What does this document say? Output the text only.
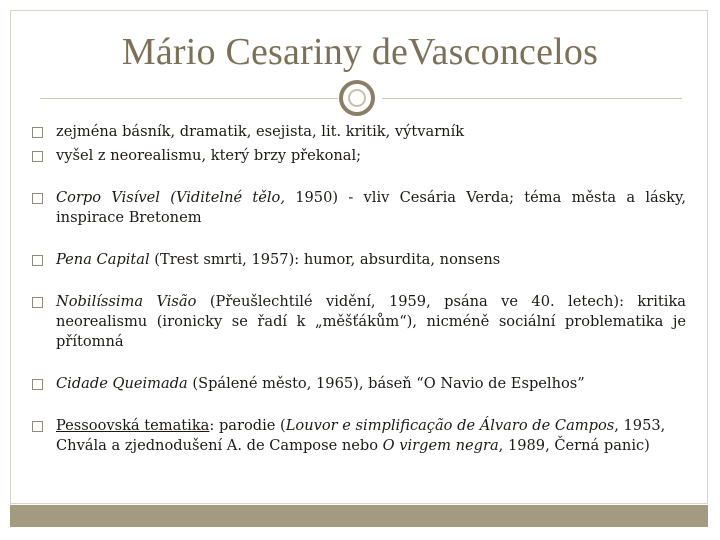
Mário Cesariny deVasconcelos
zejména básník, dramatik, esejista, lit. kritik, výtvarník
vyšel z neorealismu, který brzy překonal;
Corpo Visível (Viditelné tělo, 1950) - vliv Cesária Verda; téma města a lásky, inspirace Bretonem
Pena Capital (Trest smrti, 1957): humor, absurdita, nonsens
Nobilíssima Visão (Přeušlechtilé vidění, 1959, psána ve 40. letech): kritika neorealismu (ironicky se řadí k „měšťákům“), nicméně sociální problematika je přítomná
Cidade Queimada (Spálené město, 1965), báseň “O Navio de Espelhos”
Pessoovská tematika: parodie (Louvor e simplificação de Álvaro de Campos, 1953, Chvála a zjednodušení A. de Campose nebo O virgem negra, 1989, Černá panic)
